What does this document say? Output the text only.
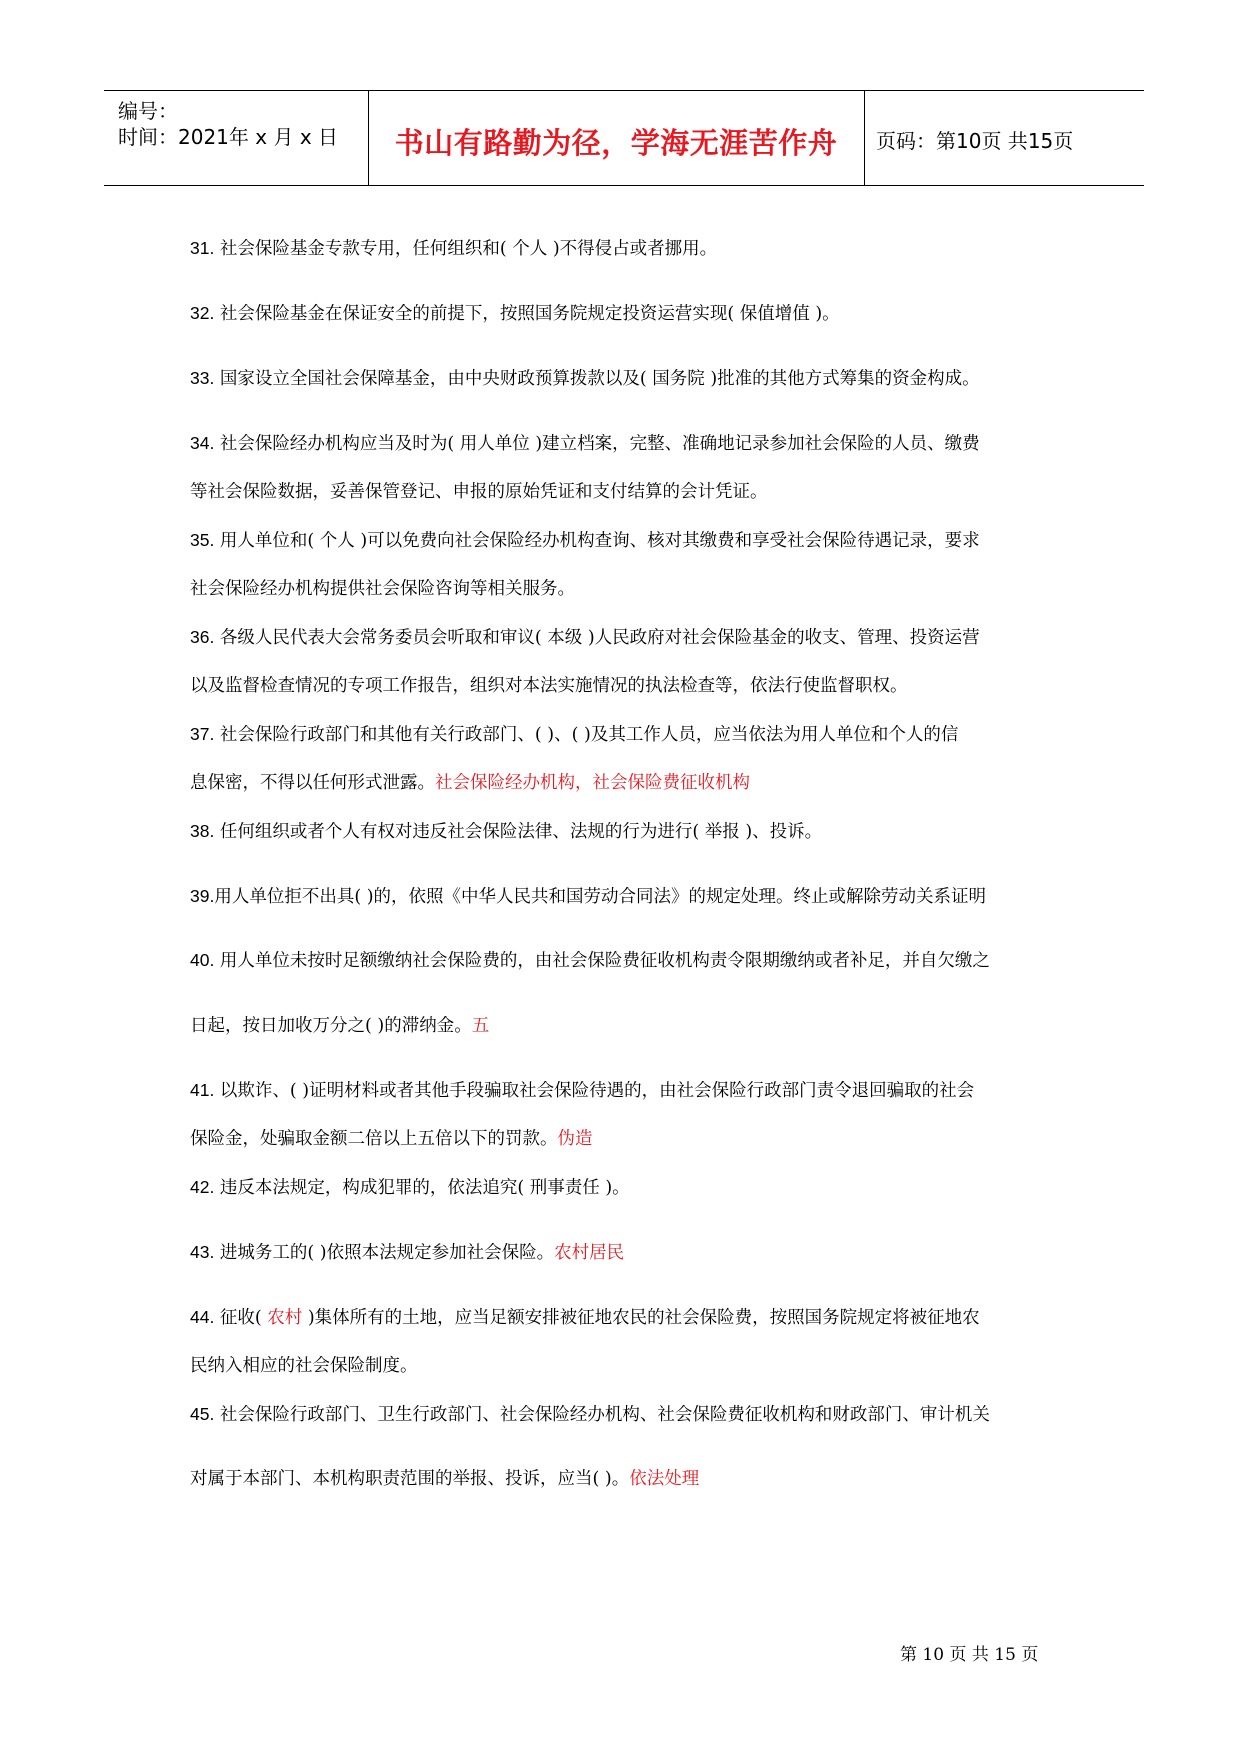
编号：
时间：2021年 x 月 x 日	书山有路勤为径，学海无涯苦作舟	页码：第10页 共15页
31. 社会保险基金专款专用，任何组织和( 个人 )不得侵占或者挪用。
32. 社会保险基金在保证安全的前提下，按照国务院规定投资运营实现( 保值增值 )。
33. 国家设立全国社会保障基金，由中央财政预算拨款以及( 国务院 )批准的其他方式筹集的资金构成。
34. 社会保险经办机构应当及时为( 用人单位 )建立档案，完整、准确地记录参加社会保险的人员、缴费
等社会保险数据，妥善保管登记、申报的原始凭证和支付结算的会计凭证。
35. 用人单位和( 个人 )可以免费向社会保险经办机构查询、核对其缴费和享受社会保险待遇记录，要求
社会保险经办机构提供社会保险咨询等相关服务。
36. 各级人民代表大会常务委员会听取和审议( 本级 )人民政府对社会保险基金的收支、管理、投资运营
以及监督检查情况的专项工作报告，组织对本法实施情况的执法检查等，依法行使监督职权。
37. 社会保险行政部门和其他有关行政部门、( )、( )及其工作人员，应当依法为用人单位和个人的信
息保密，不得以任何形式泄露。社会保险经办机构，社会保险费征收机构
38. 任何组织或者个人有权对违反社会保险法律、法规的行为进行( 举报 )、投诉。
39.用人单位拒不出具( )的，依照《中华人民共和国劳动合同法》的规定处理。终止或解除劳动关系证明
40. 用人单位未按时足额缴纳社会保险费的，由社会保险费征收机构责令限期缴纳或者补足，并自欠缴之
日起，按日加收万分之( )的滞纳金。五
41. 以欺诈、( )证明材料或者其他手段骗取社会保险待遇的，由社会保险行政部门责令退回骗取的社会
保险金，处骗取金额二倍以上五倍以下的罚款。伪造
42. 违反本法规定，构成犯罪的，依法追究( 刑事责任 )。
43. 进城务工的( )依照本法规定参加社会保险。农村居民
44. 征收( 农村 )集体所有的土地，应当足额安排被征地农民的社会保险费，按照国务院规定将被征地农
民纳入相应的社会保险制度。
45. 社会保险行政部门、卫生行政部门、社会保险经办机构、社会保险费征收机构和财政部门、审计机关
对属于本部门、本机构职责范围的举报、投诉，应当( )。依法处理
第 10 页 共 15 页
